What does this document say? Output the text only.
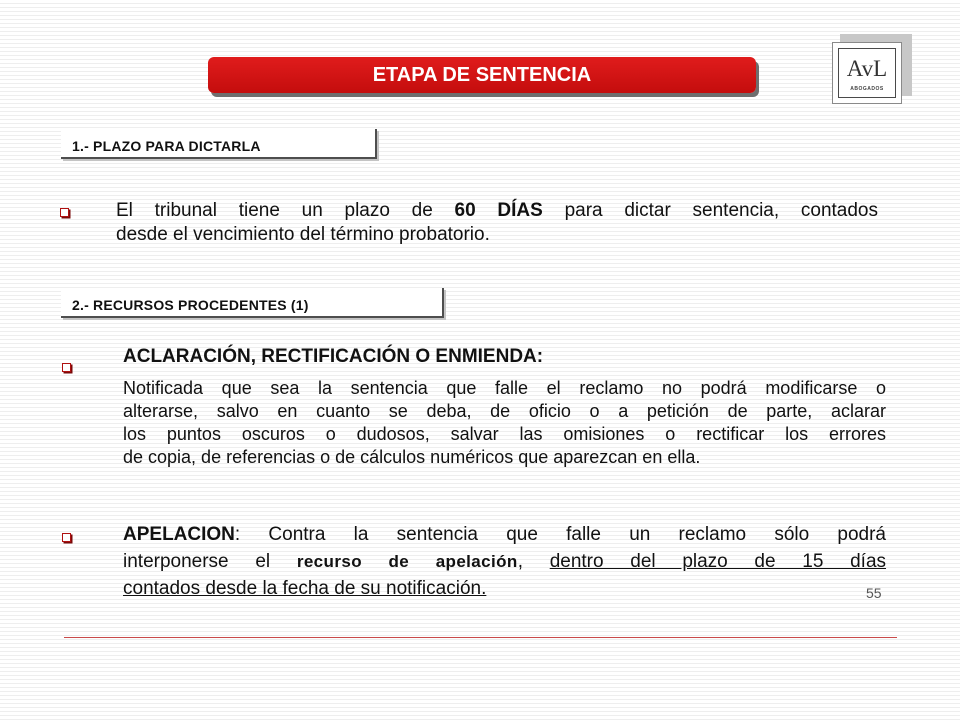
ETAPA DE SENTENCIA	AvL
ABOGADOS
1.- PLAZO PARA DICTARLA
El tribunal tiene un plazo de 60 DÍAS para dictar sentencia, contados
desde el vencimiento del término probatorio.
2.- RECURSOS PROCEDENTES (1)
ACLARACIÓN, RECTIFICACIÓN O ENMIENDA:
Notificada que sea la sentencia que falle el reclamo no podrá modificarse o
alterarse, salvo en cuanto se deba, de oficio o a petición de parte, aclarar
los puntos oscuros o dudosos, salvar las omisiones o rectificar los errores
de copia, de referencias o de cálculos numéricos que aparezcan en ella.
APELACION: Contra la sentencia que falle un reclamo sólo podrá
interponerse el recurso de apelación, dentro del plazo de 15 días
contados desde la fecha de su notificación.	55
